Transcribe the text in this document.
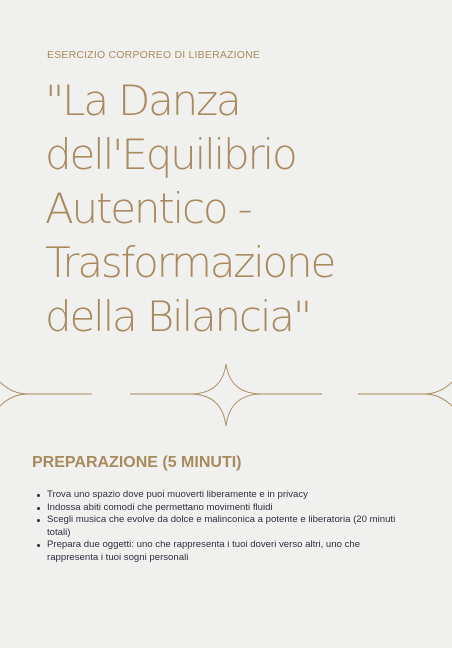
ESERCIZIO CORPOREO DI LIBERAZIONE
"La Danza
dell'Equilibrio
Autentico -
Trasformazione
della Bilancia"
PREPARAZIONE (5 MINUTI)
Trova uno spazio dove puoi muoverti liberamente e in privacy
Indossa abiti comodi che permettano movimenti fluidi
Scegli musica che evolve da dolce e malinconica a potente e liberatoria (20 minuti totali)
Prepara due oggetti: uno che rappresenta i tuoi doveri verso altri, uno che rappresenta i tuoi sogni personali
